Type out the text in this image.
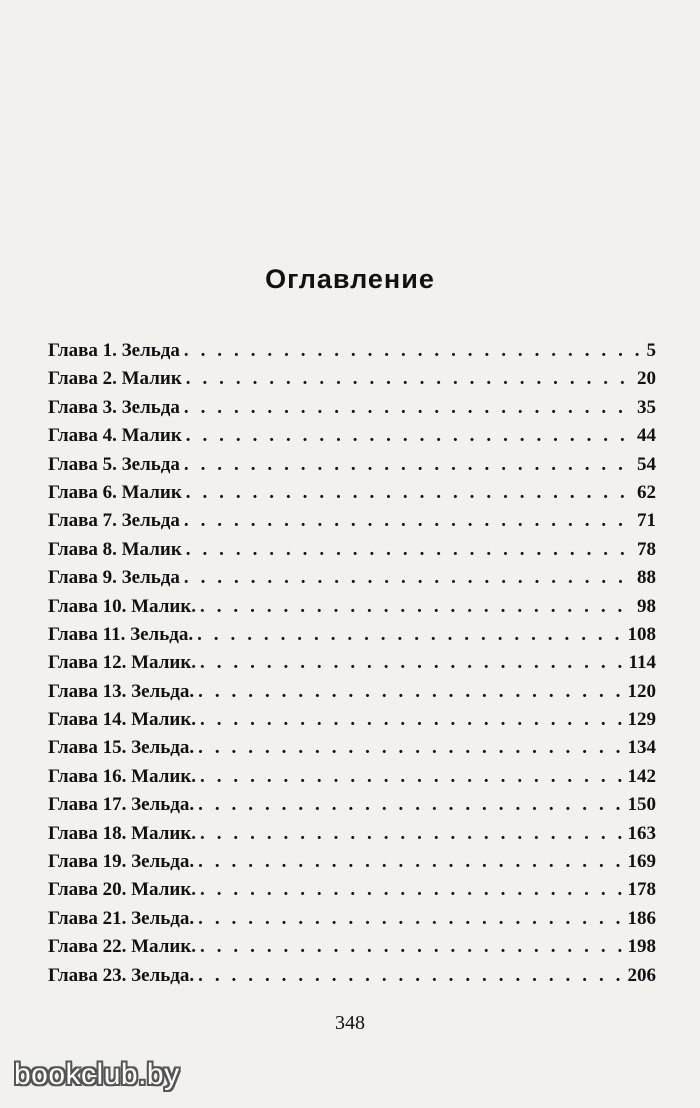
Оглавление
Глава 1. Зельда . . .	5
Глава 2. Малик . . .	20
Глава 3. Зельда . . .	35
Глава 4. Малик . . .	44
Глава 5. Зельда . . .	54
Глава 6. Малик . . .	62
Глава 7. Зельда . . .	71
Глава 8. Малик . . .	78
Глава 9. Зельда . . .	88
Глава 10. Малик. . . .	98
Глава 11. Зельда. . . .	108
Глава 12. Малик. . . .	114
Глава 13. Зельда. . . .	120
Глава 14. Малик. . . .	129
Глава 15. Зельда. . . .	134
Глава 16. Малик. . . .	142
Глава 17. Зельда. . . .	150
Глава 18. Малик. . . .	163
Глава 19. Зельда. . . .	169
Глава 20. Малик. . . .	178
Глава 21. Зельда. . . .	186
Глава 22. Малик. . . .	198
Глава 23. Зельда. . . .	206
348
bookclub.by
